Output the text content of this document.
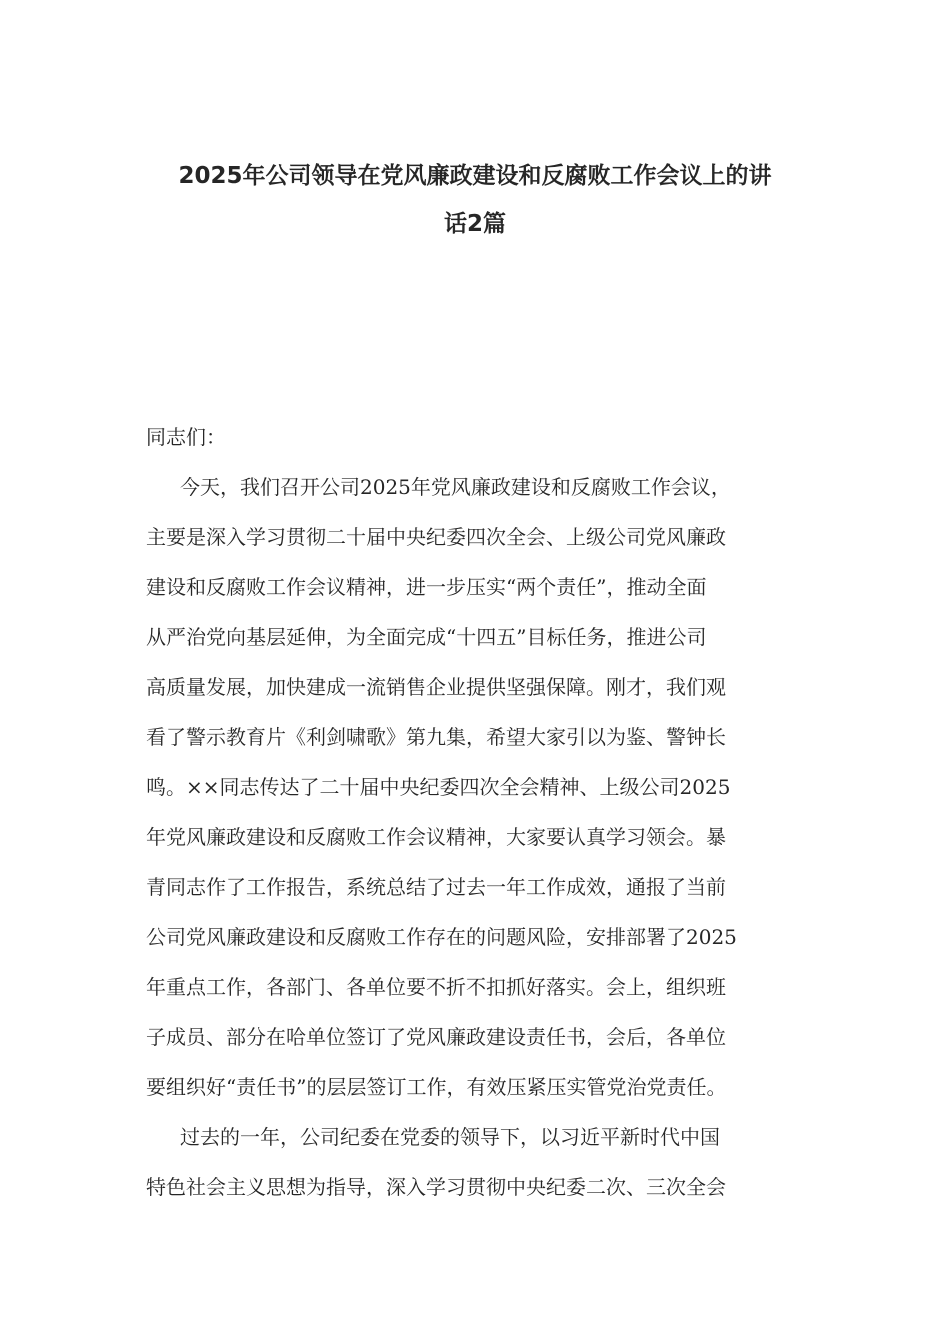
2025年公司领导在党风廉政建设和反腐败工作会议上的讲
话2篇
同志们：
今天，我们召开公司2025年党风廉政建设和反腐败工作会议，
主要是深入学习贯彻二十届中央纪委四次全会、上级公司党风廉政
建设和反腐败工作会议精神，进一步压实“两个责任”，推动全面
从严治党向基层延伸，为全面完成“十四五”目标任务，推进公司
高质量发展，加快建成一流销售企业提供坚强保障。刚才，我们观
看了警示教育片《利剑啸歌》第九集，希望大家引以为鉴、警钟长
鸣。××同志传达了二十届中央纪委四次全会精神、上级公司2025
年党风廉政建设和反腐败工作会议精神，大家要认真学习领会。暴
青同志作了工作报告，系统总结了过去一年工作成效，通报了当前
公司党风廉政建设和反腐败工作存在的问题风险，安排部署了2025
年重点工作，各部门、各单位要不折不扣抓好落实。会上，组织班
子成员、部分在哈单位签订了党风廉政建设责任书，会后，各单位
要组织好“责任书”的层层签订工作，有效压紧压实管党治党责任。
过去的一年，公司纪委在党委的领导下，以习近平新时代中国
特色社会主义思想为指导，深入学习贯彻中央纪委二次、三次全会
